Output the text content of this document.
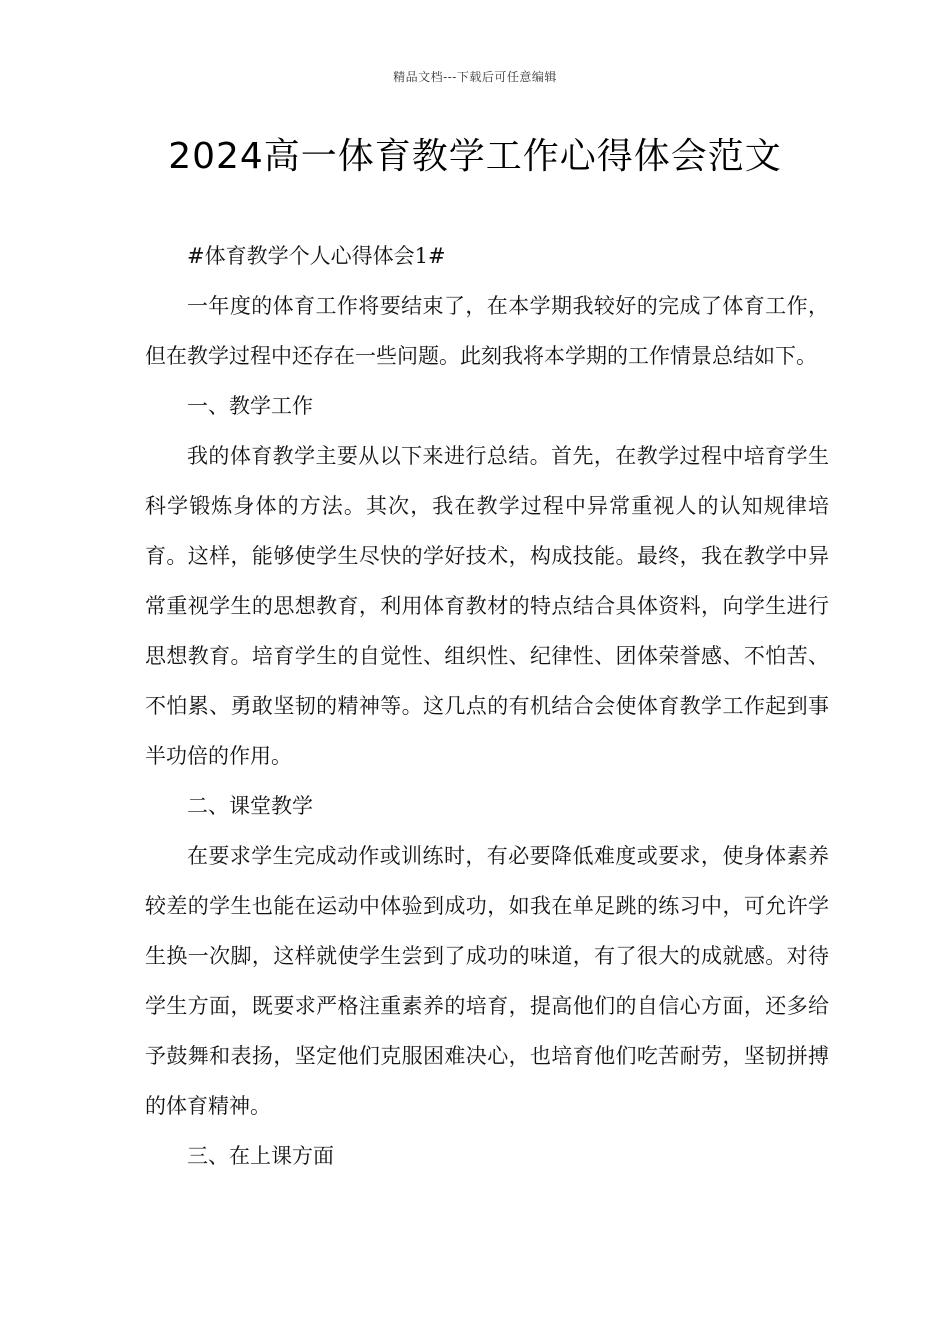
精品文档---下载后可任意编辑
2024高一体育教学工作心得体会范文

#体育教学个人心得体会1#

一年度的体育工作将要结束了，在本学期我较好的完成了体育工作，但在教学过程中还存在一些问题。此刻我将本学期的工作情景总结如下。

一、教学工作

我的体育教学主要从以下来进行总结。首先，在教学过程中培育学生科学锻炼身体的方法。其次，我在教学过程中异常重视人的认知规律培育。这样，能够使学生尽快的学好技术，构成技能。最终，我在教学中异常重视学生的思想教育，利用体育教材的特点结合具体资料，向学生进行思想教育。培育学生的自觉性、组织性、纪律性、团体荣誉感、不怕苦、不怕累、勇敢坚韧的精神等。这几点的有机结合会使体育教学工作起到事半功倍的作用。

二、课堂教学

在要求学生完成动作或训练时，有必要降低难度或要求，使身体素养较差的学生也能在运动中体验到成功，如我在单足跳的练习中，可允许学生换一次脚，这样就使学生尝到了成功的味道，有了很大的成就感。对待学生方面，既要求严格注重素养的培育，提高他们的自信心方面，还多给予鼓舞和表扬，坚定他们克服困难决心，也培育他们吃苦耐劳，坚韧拼搏的体育精神。

三、在上课方面
